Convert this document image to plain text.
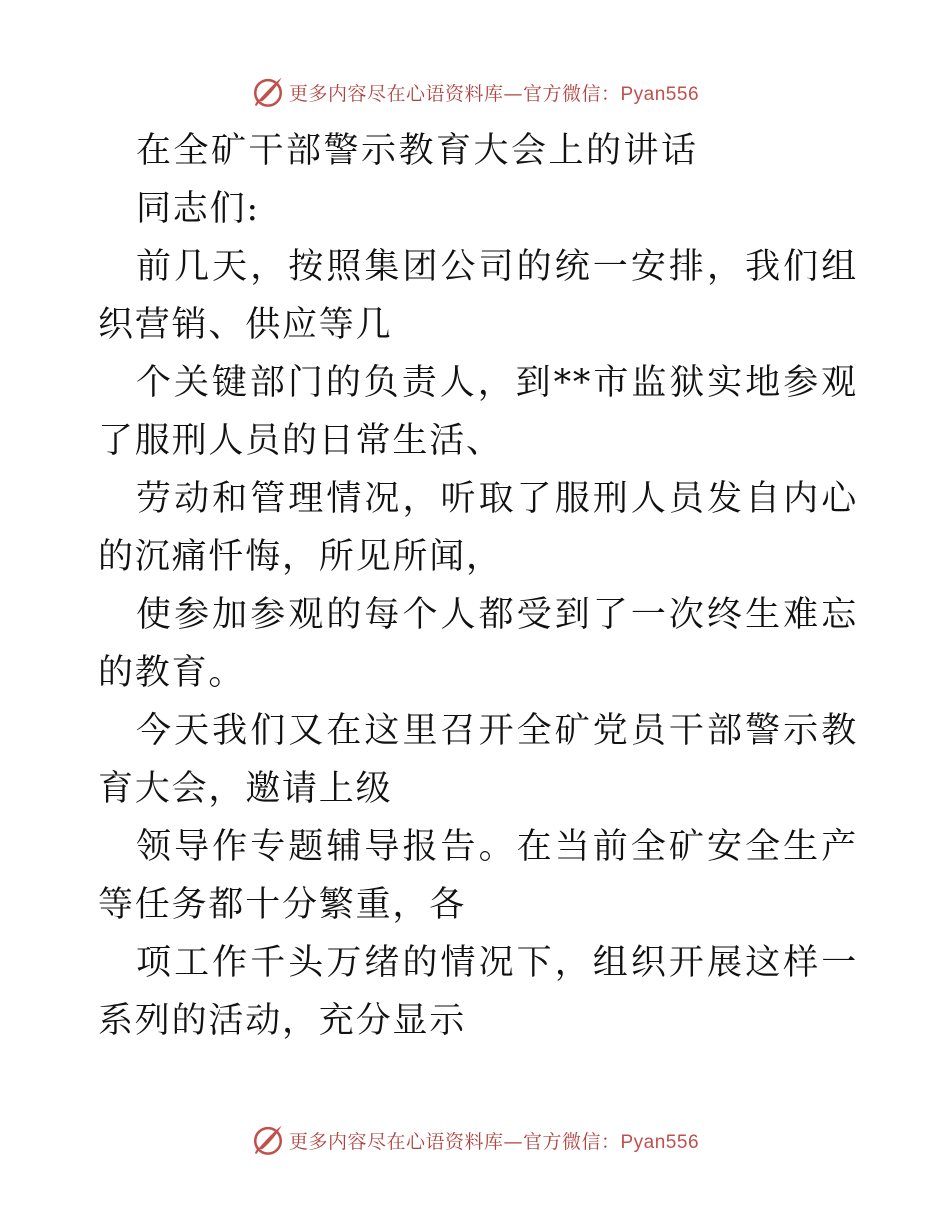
更多内容尽在心语资料库—官方微信：Pyan556

在全矿干部警示教育大会上的讲话

同志们:

前几天，按照集团公司的统一安排，我们组织营销、供应等几

个关键部门的负责人，到**市监狱实地参观了服刑人员的日常生活、

劳动和管理情况，听取了服刑人员发自内心的沉痛忏悔，所见所闻，

使参加参观的每个人都受到了一次终生难忘的教育。

今天我们又在这里召开全矿党员干部警示教育大会，邀请上级

领导作专题辅导报告。在当前全矿安全生产等任务都十分繁重，各

项工作千头万绪的情况下，组织开展这样一系列的活动，充分显示

更多内容尽在心语资料库—官方微信：Pyan556
